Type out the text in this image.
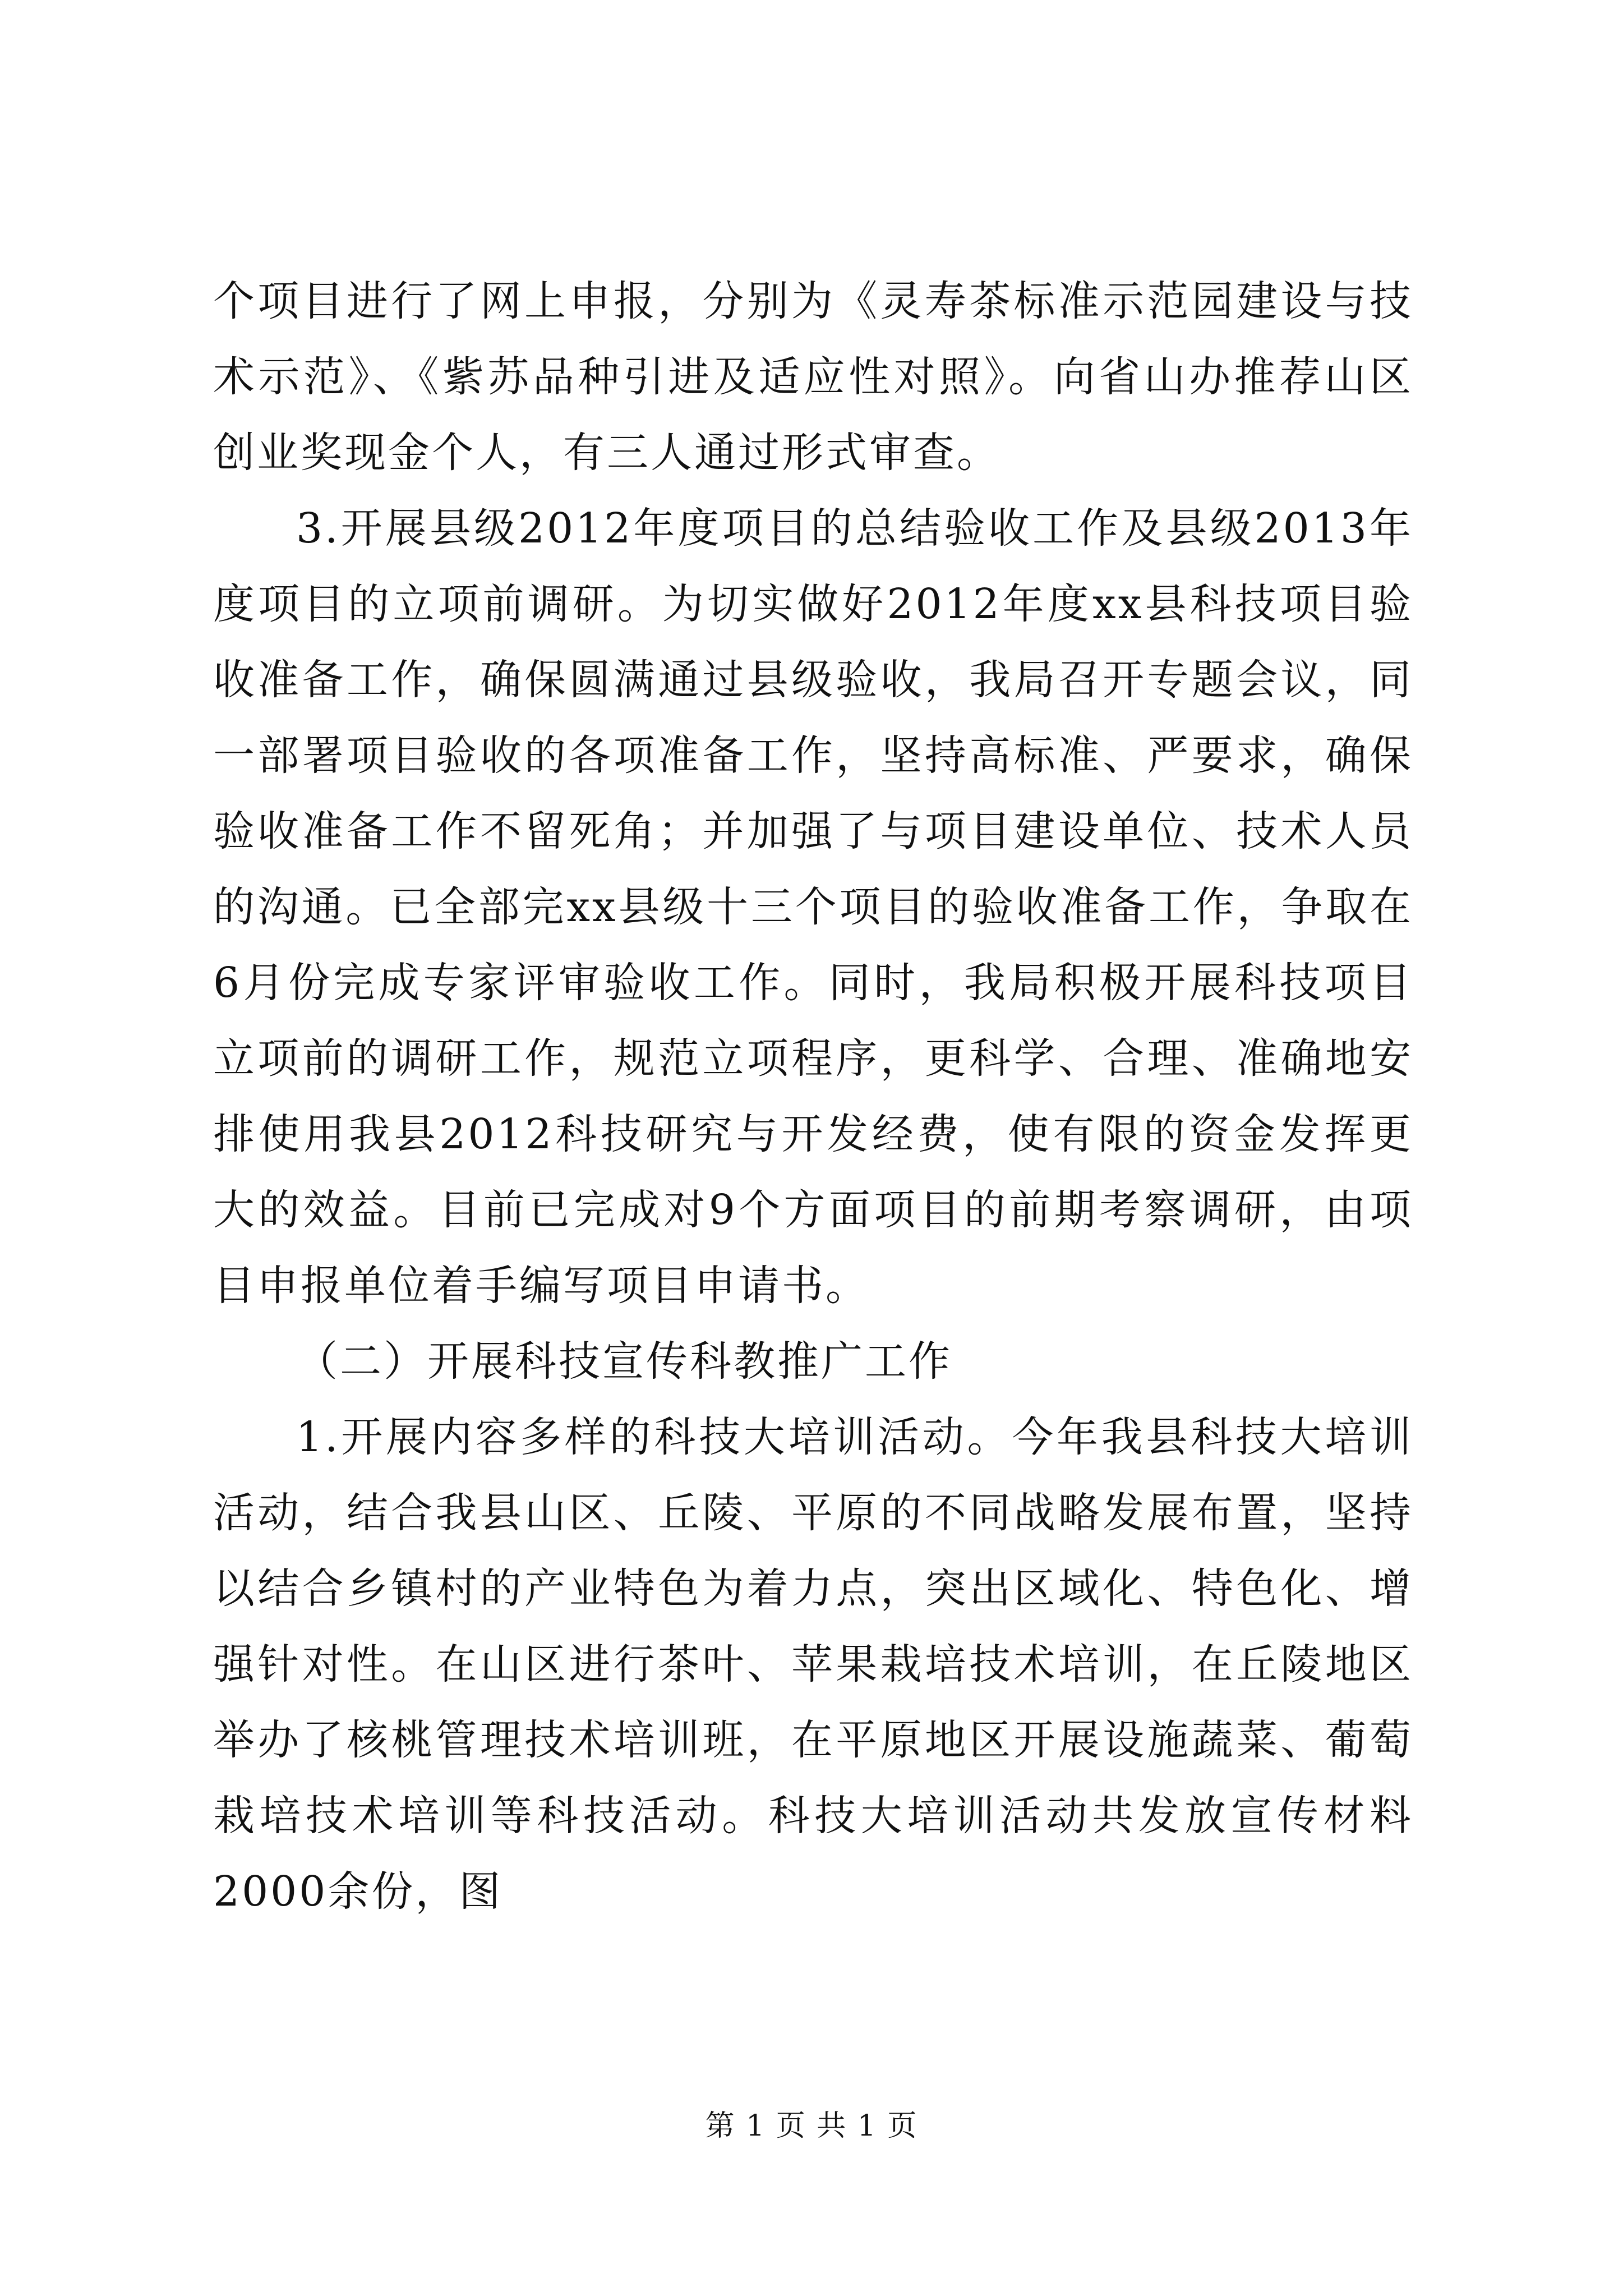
个项目进行了网上申报，分别为《灵寿茶标准示范园建设与技术示范》、《紫苏品种引进及适应性对照》。向省山办推荐山区创业奖现金个人，有三人通过形式审查。

3.开展县级2012年度项目的总结验收工作及县级2013年度项目的立项前调研。为切实做好2012年度xx县科技项目验收准备工作，确保圆满通过县级验收，我局召开专题会议，同一部署项目验收的各项准备工作，坚持高标准、严要求，确保验收准备工作不留死角；并加强了与项目建设单位、技术人员的沟通。已全部完xx县级十三个项目的验收准备工作，争取在6月份完成专家评审验收工作。同时，我局积极开展科技项目立项前的调研工作，规范立项程序，更科学、合理、准确地安排使用我县2012科技研究与开发经费，使有限的资金发挥更大的效益。目前已完成对9个方面项目的前期考察调研，由项目申报单位着手编写项目申请书。

（二）开展科技宣传科教推广工作

1.开展内容多样的科技大培训活动。今年我县科技大培训活动，结合我县山区、丘陵、平原的不同战略发展布置，坚持以结合乡镇村的产业特色为着力点，突出区域化、特色化、增强针对性。在山区进行茶叶、苹果栽培技术培训，在丘陵地区举办了核桃管理技术培训班，在平原地区开展设施蔬菜、葡萄栽培技术培训等科技活动。科技大培训活动共发放宣传材料2000余份，图

第 1 页 共 1 页
